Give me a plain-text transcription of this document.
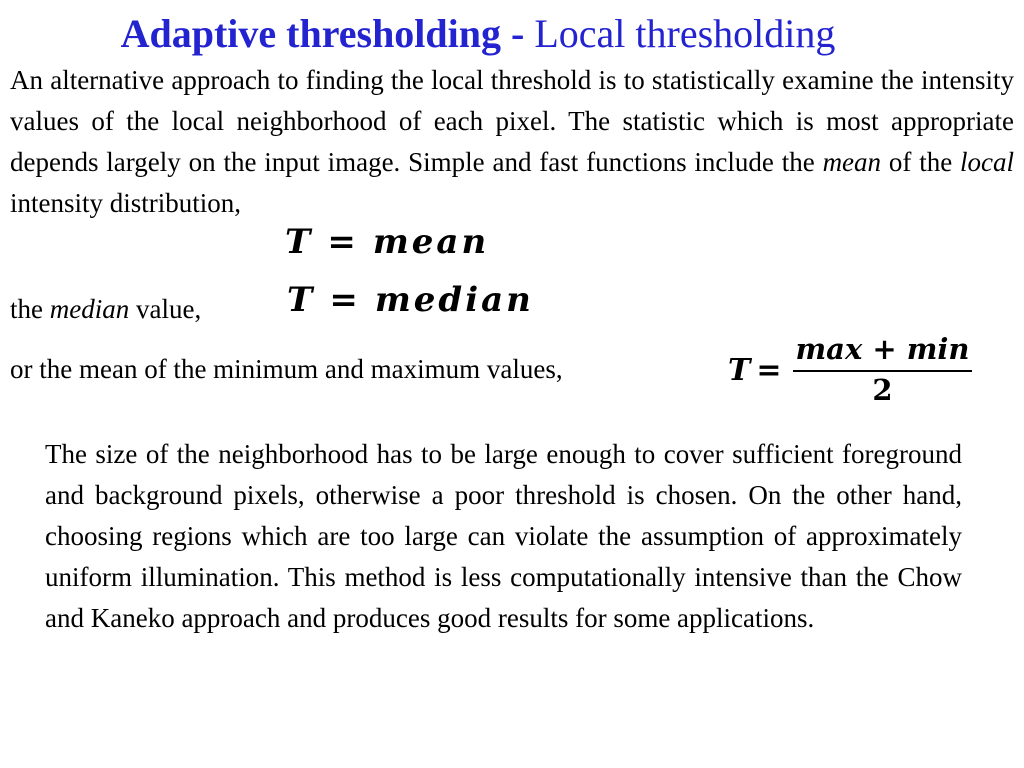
Adaptive thresholding - Local thresholding

An alternative approach to finding the local threshold is to statistically examine the intensity values of the local neighborhood of each pixel. The statistic which is most appropriate depends largely on the input image. Simple and fast functions include the mean of the local intensity distribution,

T = mean
the median value,	T = median
or the mean of the minimum and maximum values,	$T = \frac{\max + \min}{2}$

The size of the neighborhood has to be large enough to cover sufficient foreground and background pixels, otherwise a poor threshold is chosen. On the other hand, choosing regions which are too large can violate the assumption of approximately uniform illumination. This method is less computationally intensive than the Chow and Kaneko approach and produces good results for some applications.
